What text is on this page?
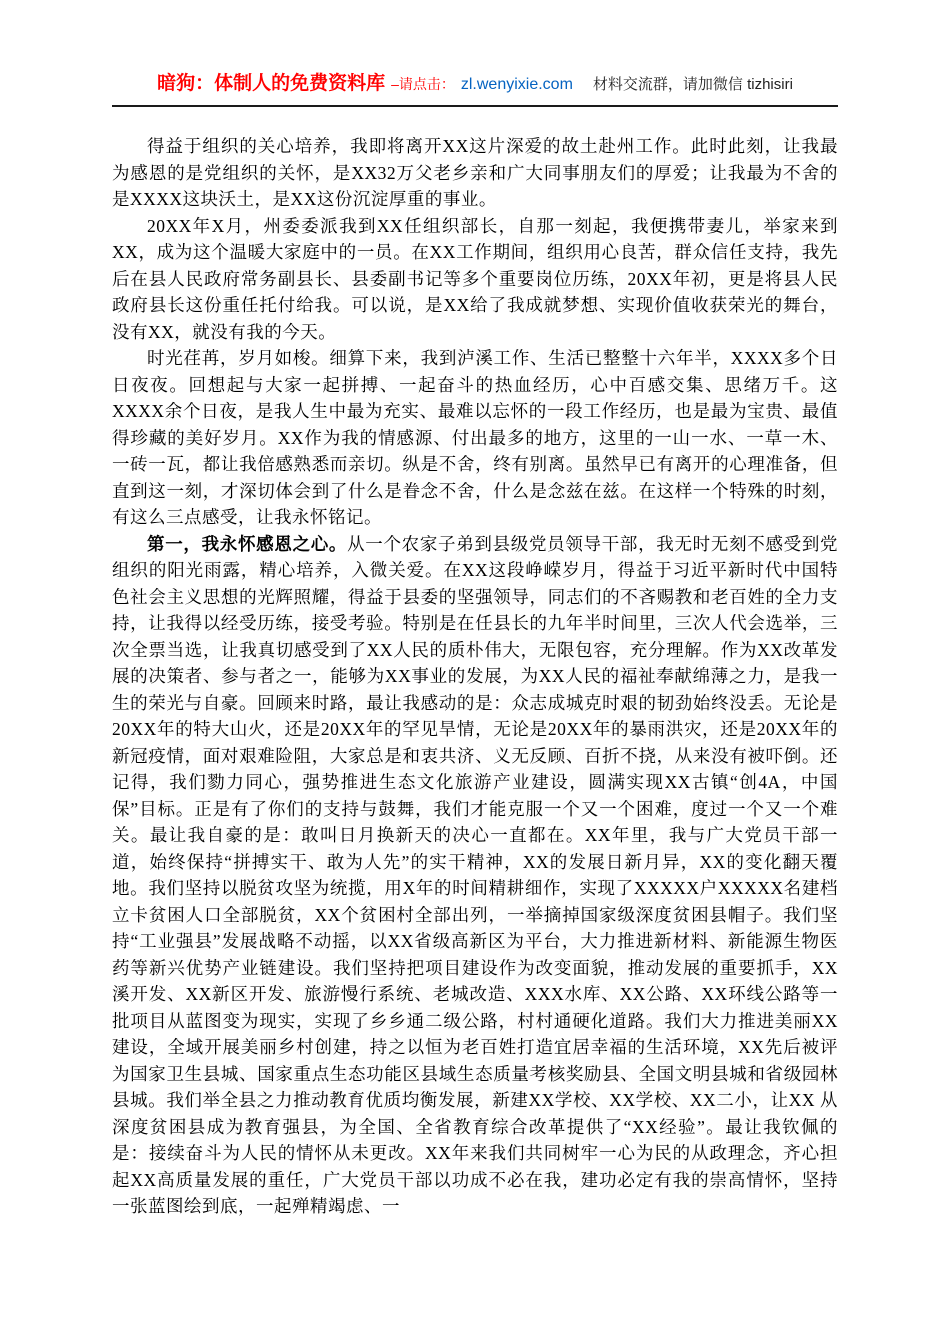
暗狗：体制人的免费资料库 –请点击： zl.wenyixie.com 材料交流群，请加微信 tizhisiri

得益于组织的关心培养，我即将离开XX这片深爱的故土赴州工作。此时此刻，让我最为感恩的是党组织的关怀，是XX32万父老乡亲和广大同事朋友们的厚爱；让我最为不舍的是XXXX这块沃土，是XX这份沉淀厚重的事业。

20XX年X月，州委委派我到XX任组织部长，自那一刻起，我便携带妻儿，举家来到XX，成为这个温暖大家庭中的一员。在XX工作期间，组织用心良苦，群众信任支持，我先后在县人民政府常务副县长、县委副书记等多个重要岗位历练，20XX年初，更是将县人民政府县长这份重任托付给我。可以说，是XX给了我成就梦想、实现价值收获荣光的舞台，没有XX，就没有我的今天。

时光荏苒，岁月如梭。细算下来，我到泸溪工作、生活已整整十六年半，XXXX多个日日夜夜。回想起与大家一起拼搏、一起奋斗的热血经历，心中百感交集、思绪万千。这XXXX余个日夜，是我人生中最为充实、最难以忘怀的一段工作经历，也是最为宝贵、最值得珍藏的美好岁月。XX作为我的情感源、付出最多的地方，这里的一山一水、一草一木、一砖一瓦，都让我倍感熟悉而亲切。纵是不舍，终有别离。虽然早已有离开的心理准备，但直到这一刻，才深切体会到了什么是眷念不舍，什么是念兹在兹。在这样一个特殊的时刻，有这么三点感受，让我永怀铭记。

第一，我永怀感恩之心。从一个农家子弟到县级党员领导干部，我无时无刻不感受到党组织的阳光雨露，精心培养，入微关爱。在XX这段峥嵘岁月，得益于习近平新时代中国特色社会主义思想的光辉照耀，得益于县委的坚强领导，同志们的不吝赐教和老百姓的全力支持，让我得以经受历练，接受考验。特别是在任县长的九年半时间里，三次人代会选举，三次全票当选，让我真切感受到了XX人民的质朴伟大，无限包容，充分理解。作为XX改革发展的决策者、参与者之一，能够为XX事业的发展，为XX人民的福祉奉献绵薄之力，是我一生的荣光与自豪。回顾来时路，最让我感动的是：众志成城克时艰的韧劲始终没丢。无论是20XX年的特大山火，还是20XX年的罕见旱情，无论是20XX年的暴雨洪灾，还是20XX年的新冠疫情，面对艰难险阻，大家总是和衷共济、义无反顾、百折不挠，从来没有被吓倒。还记得，我们勠力同心，强势推进生态文化旅游产业建设，圆满实现XX古镇“创4A，中国保”目标。正是有了你们的支持与鼓舞，我们才能克服一个又一个困难，度过一个又一个难关。最让我自豪的是：敢叫日月换新天的决心一直都在。XX年里，我与广大党员干部一道，始终保持“拼搏实干、敢为人先”的实干精神，XX的发展日新月异，XX的变化翻天覆地。我们坚持以脱贫攻坚为统揽，用X年的时间精耕细作，实现了XXXXX户XXXXX名建档立卡贫困人口全部脱贫，XX个贫困村全部出列，一举摘掉国家级深度贫困县帽子。我们坚持“工业强县”发展战略不动摇，以XX省级高新区为平台，大力推进新材料、新能源生物医药等新兴优势产业链建设。我们坚持把项目建设作为改变面貌，推动发展的重要抓手，XX溪开发、XX新区开发、旅游慢行系统、老城改造、XXX水库、XX公路、XX环线公路等一批项目从蓝图变为现实，实现了乡乡通二级公路，村村通硬化道路。我们大力推进美丽XX建设，全域开展美丽乡村创建，持之以恒为老百姓打造宜居幸福的生活环境，XX先后被评为国家卫生县城、国家重点生态功能区县域生态质量考核奖励县、全国文明县城和省级园林县城。我们举全县之力推动教育优质均衡发展，新建XX学校、XX学校、XX二小，让XX 从深度贫困县成为教育强县，为全国、全省教育综合改革提供了“XX经验”。最让我钦佩的是：接续奋斗为人民的情怀从未更改。XX年来我们共同树牢一心为民的从政理念，齐心担起XX高质量发展的重任，广大党员干部以功成不必在我，建功必定有我的崇高情怀，坚持一张蓝图绘到底，一起殚精竭虑、一
